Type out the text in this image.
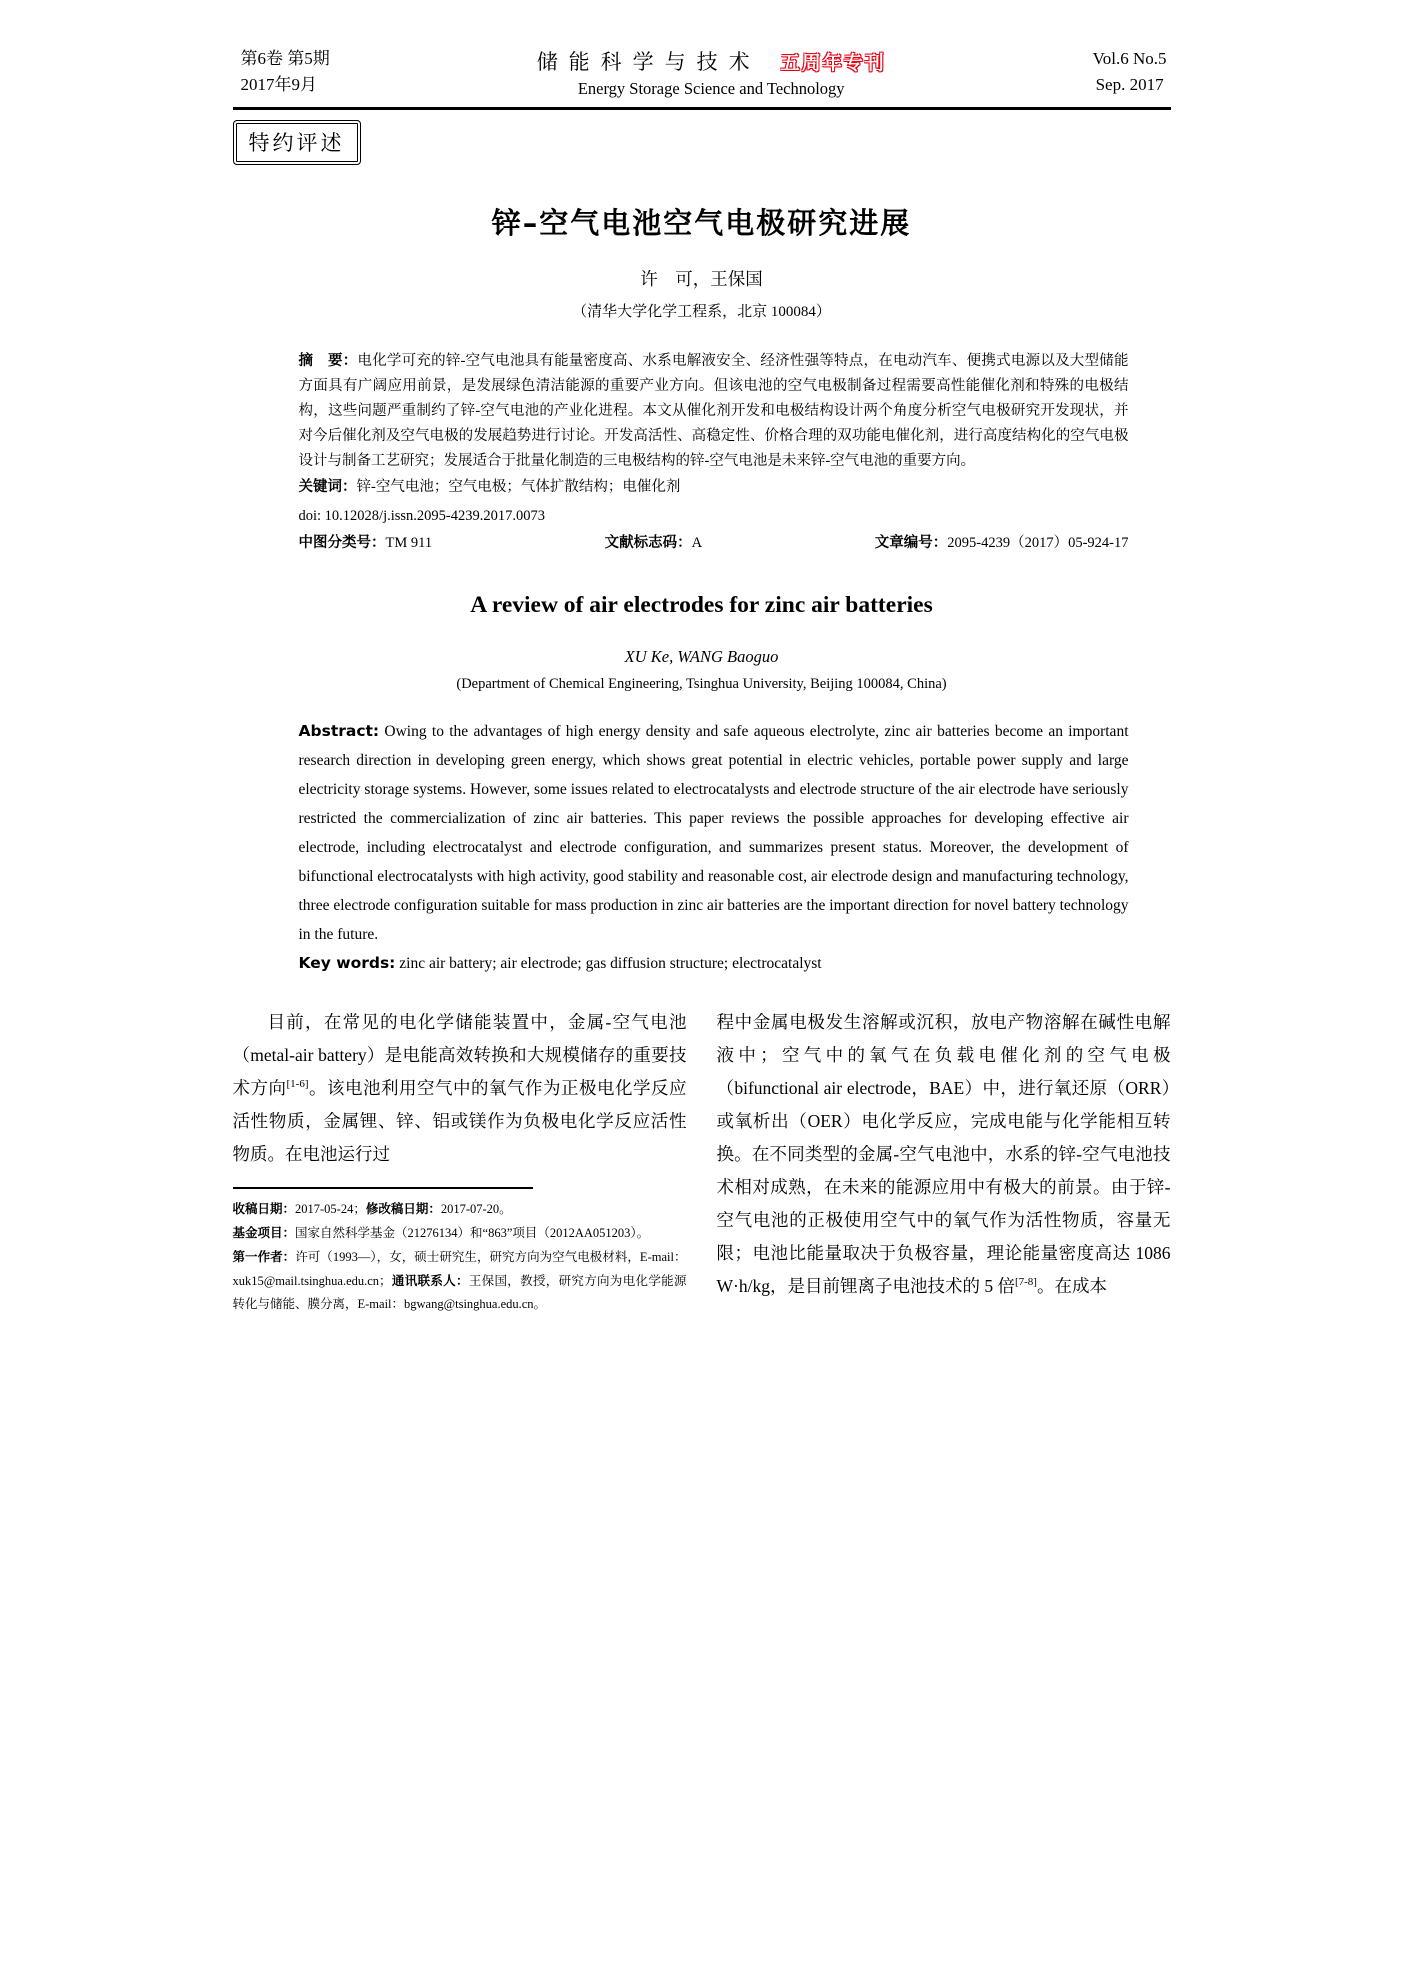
第6卷 第5期
2017年9月
储能科学与技术 五周年专刊
Energy Storage Science and Technology
Vol.6 No.5
Sep. 2017
特约评述
锌–空气电池空气电极研究进展
许　可，王保国
（清华大学化学工程系，北京 100084）

摘　要：电化学可充的锌-空气电池具有能量密度高、水系电解液安全、经济性强等特点，在电动汽车、便携式电源以及大型储能方面具有广阔应用前景，是发展绿色清洁能源的重要产业方向。但该电池的空气电极制备过程需要高性能催化剂和特殊的电极结构，这些问题严重制约了锌-空气电池的产业化进程。本文从催化剂开发和电极结构设计两个角度分析空气电极研究开发现状，并对今后催化剂及空气电极的发展趋势进行讨论。开发高活性、高稳定性、价格合理的双功能电催化剂，进行高度结构化的空气电极设计与制备工艺研究；发展适合于批量化制造的三电极结构的锌-空气电池是未来锌-空气电池的重要方向。

关键词：锌-空气电池；空气电极；气体扩散结构；电催化剂

doi: 10.12028/j.issn.2095-4239.2017.0073

中图分类号：TM 911	文献标志码：A	文章编号：2095-4239（2017）05-924-17
A review of air electrodes for zinc air batteries
XU Ke, WANG Baoguo
(Department of Chemical Engineering, Tsinghua University, Beijing 100084, China)

Abstract: Owing to the advantages of high energy density and safe aqueous electrolyte, zinc air batteries become an important research direction in developing green energy, which shows great potential in electric vehicles, portable power supply and large electricity storage systems. However, some issues related to electrocatalysts and electrode structure of the air electrode have seriously restricted the commercialization of zinc air batteries. This paper reviews the possible approaches for developing effective air electrode, including electrocatalyst and electrode configuration, and summarizes present status. Moreover, the development of bifunctional electrocatalysts with high activity, good stability and reasonable cost, air electrode design and manufacturing technology, three electrode configuration suitable for mass production in zinc air batteries are the important direction for novel battery technology in the future.

Key words: zinc air battery; air electrode; gas diffusion structure; electrocatalyst

目前，在常见的电化学储能装置中，金属-空气电池（metal-air battery）是电能高效转换和大规模储存的重要技术方向[1-6]。该电池利用空气中的氧气作为正极电化学反应活性物质，金属锂、锌、铝或镁作为负极电化学反应活性物质。在电池运行过

收稿日期：2017-05-24；修改稿日期：2017-07-20。
基金项目：国家自然科学基金（21276134）和“863”项目（2012AA051203）。
第一作者：许可（1993—），女，硕士研究生，研究方向为空气电极材料，E-mail：xuk15@mail.tsinghua.edu.cn；通讯联系人：王保国，教授，研究方向为电化学能源转化与储能、膜分离，E-mail：bgwang@tsinghua.edu.cn。

程中金属电极发生溶解或沉积，放电产物溶解在碱性电解液中；空气中的氧气在负载电催化剂的空气电极（bifunctional air electrode，BAE）中，进行氧还原（ORR）或氧析出（OER）电化学反应，完成电能与化学能相互转换。在不同类型的金属-空气电池中，水系的锌-空气电池技术相对成熟，在未来的能源应用中有极大的前景。由于锌-空气电池的正极使用空气中的氧气作为活性物质，容量无限；电池比能量取决于负极容量，理论能量密度高达 1086 W·h/kg，是目前锂离子电池技术的 5 倍[7-8]。在成本
